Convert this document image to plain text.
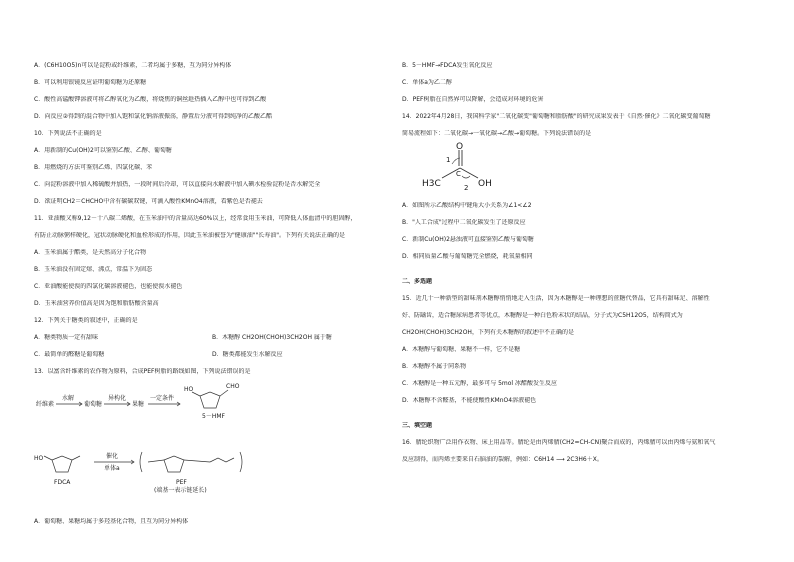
A．(C6H10O5)n可以是淀粉或纤维素，二者均属于多糖，互为同分异构体
B．可以利用银镜反应证明葡萄糖为还原糖
C．酸性高锰酸钾溶液可将乙醇氧化为乙酸，将烧焦的铜丝趁热插入乙醇中也可得到乙酸
D．向反应②得到的混合物中加入饱和氯化钠溶液振荡，静置后分液可得到纯净的乙酸乙酯
10．下列说法不正确的是
A．用新制的Cu(OH)2可以鉴别乙酸、乙醇、葡萄糖
B．用燃烧的方法可鉴别乙烯、四氯化碳、苯
C．向淀粉溶液中加入稀硫酸并加热，一段时间后冷却，可以直接向水解液中加入碘水检验淀粉是否水解完全
D．欲证明CH2＝CHCHO中含有碳碳双键，可滴入酸性KMnO4溶液，看紫色是否褪去
11．亚油酸又称9,12－十八碳二烯酸，在玉米油中的含量高达60%以上，经常食用玉米油，可降低人体血清中的胆固醇，
有防止动脉粥样硬化，冠状动脉硬化和血栓形成的作用，因此玉米油被誉为"健康油""长寿油"。下列有关说法正确的是
A．玉米油属于酯类，是天然高分子化合物
B．玉米油没有固定熔、沸点，常温下为固态
C．亚油酸能使溴的四氯化碳溶液褪色，也能使溴水褪色
D．玉米油营养价值高是因为饱和脂肪酸含量高
12．下列关于糖类的叙述中，正确的是
A．糖类物质一定有甜味	B．木糖醇 CH2OH(CHOH)3CH2OH 属于糖
C．最简单的醛糖是葡萄糖	D．糖类都能发生水解反应
13．以富含纤维素的农作物为原料，合成PEF树脂的路线如图，下列说法错误的是
纤维素
水解
葡萄糖
异构化
果糖
一定条件
HO	CHO
5－HMF
HO
FDCA
催化
单体a
PEF
(端基一表示链延长)
A．葡萄糖、果糖均属于多羟基化合物，且互为同分异构体
B．5－HMF→FDCA发生氧化反应
C．单体a为乙二醇
D．PEF树脂在自然界可以降解，会造成对环境的危害
14．2022年4月28日，我国科学家"二氧化碳变"葡萄糖和脂肪酸"的研究成果发表于《自然·催化》二氧化碳变葡萄糖
简易流程如下：二氧化碳→一氧化碳→乙酸→葡萄糖。下列说法错误的是
O
1
2
C
H3C	OH
A．如图所示乙酸结构中键角大小关系为∠1<∠2
B．"人工合成"过程中二氧化碳发生了还原反应
C．新制Cu(OH)2悬浊液可直接鉴别乙酸与葡萄糖
D．相同质量乙酸与葡萄糖完全燃烧，耗氧量相同
二、多选题
15．近几十一种新型的甜味剂木糖醇悄悄地走入生活，因为木糖醇是一种理想的蔗糖代替品，它具有甜味足、溶解性
好、防龋齿，适合糖尿病患者等优点，木糖醇是一种白色粉末状的结晶，分子式为C5H12O5，结构简式为
CH2OH(CHOH)3CH2OH，下列有关木糖醇的叙述中不正确的是
A．木糖醇与葡萄糖、果糖不一样，它不是糖
B．木糖醇不属于同系物
C．木糖醇是一种五元醇，最多可与 5mol 冰醋酸发生反应
D．木糖醇不含醛基，不能使酸性KMnO4溶液褪色
三、填空题
16．腈纶织物广泛用作衣物、床上用品等。腈纶是由丙烯腈(CH2=CH-CN)聚合而成的，丙烯腈可以由丙烯与氨和氧气
反应制得，而丙烯主要来自石脑油的裂解，例如：C6H14 ⟶ 2C3H6＋X。
